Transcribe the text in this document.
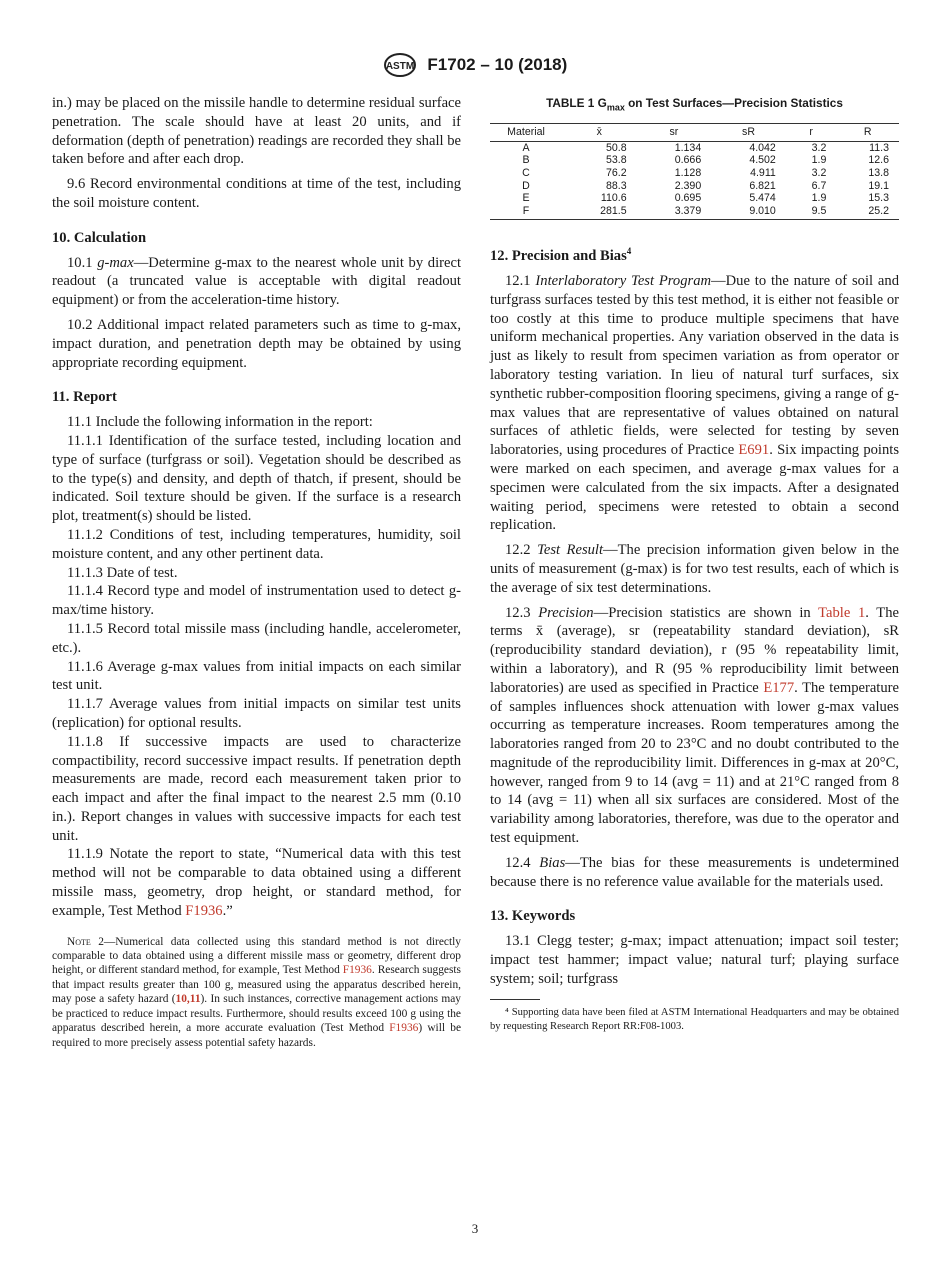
ASTM F1702 – 10 (2018)

in.) may be placed on the missile handle to determine residual surface penetration. The scale should have at least 20 units, and if deformation (depth of penetration) readings are recorded they shall be taken before and after each drop.

9.6 Record environmental conditions at time of the test, including the soil moisture content.

10. Calculation

10.1 g-max—Determine g-max to the nearest whole unit by direct readout (a truncated value is acceptable with digital readout equipment) or from the acceleration-time history.

10.2 Additional impact related parameters such as time to g-max, impact duration, and penetration depth may be obtained by using appropriate recording equipment.

11. Report

11.1 Include the following information in the report:

11.1.1 Identification of the surface tested, including location and type of surface (turfgrass or soil). Vegetation should be described as to the type(s) and density, and depth of thatch, if present, should be indicated. Soil texture should be given. If the surface is a research plot, treatment(s) should be listed.

11.1.2 Conditions of test, including temperatures, humidity, soil moisture content, and any other pertinent data.

11.1.3 Date of test.

11.1.4 Record type and model of instrumentation used to detect g-max/time history.

11.1.5 Record total missile mass (including handle, accelerometer, etc.).

11.1.6 Average g-max values from initial impacts on each similar test unit.

11.1.7 Average values from initial impacts on similar test units (replication) for optional results.

11.1.8 If successive impacts are used to characterize compactibility, record successive impact results. If penetration depth measurements are made, record each measurement taken prior to each impact and after the final impact to the nearest 2.5 mm (0.10 in.). Report changes in values with successive impacts for each test unit.

11.1.9 Notate the report to state, “Numerical data with this test method will not be comparable to data obtained using a different missile mass, geometry, drop height, or standard method, for example, Test Method F1936.”

Note 2—Numerical data collected using this standard method is not directly comparable to data obtained using a different missile mass or geometry, different drop height, or different standard method, for example, Test Method F1936. Research suggests that impact results greater than 100 g, measured using the apparatus described herein, may pose a safety hazard (10,11). In such instances, corrective management actions may be practiced to reduce impact results. Furthermore, should results exceed 100 g using the apparatus described herein, a more accurate evaluation (Test Method F1936) will be required to more precisely assess potential safety hazards.
TABLE 1 $G_{max}$ on Test Surfaces—Precision Statistics
Material	x̄	sr	sR	r	R
A	50.8	1.134	4.042	3.2	11.3
B	53.8	0.666	4.502	1.9	12.6
C	76.2	1.128	4.911	3.2	13.8
D	88.3	2.390	6.821	6.7	19.1
E	110.6	0.695	5.474	1.9	15.3
F	281.5	3.379	9.010	9.5	25.2
12. Precision and Bias$^4$

12.1 Interlaboratory Test Program—Due to the nature of soil and turfgrass surfaces tested by this test method, it is either not feasible or too costly at this time to produce multiple specimens that have uniform mechanical properties. Any variation observed in the data is just as likely to result from specimen variation as from operator or laboratory testing variation. In lieu of natural turf surfaces, six synthetic rubber-composition flooring specimens, giving a range of g-max values that are representative of values obtained on natural surfaces of athletic fields, were selected for testing by seven laboratories, using procedures of Practice E691. Six impacting points were marked on each specimen, and average g-max values for a specimen were calculated from the six impacts. After a designated waiting period, specimens were retested to obtain a second replication.

12.2 Test Result—The precision information given below in the units of measurement (g-max) is for two test results, each of which is the average of six test determinations.

12.3 Precision—Precision statistics are shown in Table 1. The terms x̄ (average), sr (repeatability standard deviation), sR (reproducibility standard deviation), r (95 % repeatability limit, within a laboratory), and R (95 % reproducibility limit between laboratories) are used as specified in Practice E177. The temperature of samples influences shock attenuation with lower g-max values occurring as temperature increases. Room temperatures among the laboratories ranged from 20 to 23°C and no doubt contributed to the magnitude of the reproducibility limit. Differences in g-max at 20°C, however, ranged from 9 to 14 (avg = 11) and at 21°C ranged from 8 to 14 (avg = 11) when all six surfaces are considered. Most of the variability among laboratories, therefore, was due to the operator and test equipment.

12.4 Bias—The bias for these measurements is undetermined because there is no reference value available for the materials used.

13. Keywords

13.1 Clegg tester; g-max; impact attenuation; impact soil tester; impact test hammer; impact value; natural turf; playing surface system; soil; turfgrass

⁴ Supporting data have been filed at ASTM International Headquarters and may be obtained by requesting Research Report RR:F08-1003.
3
